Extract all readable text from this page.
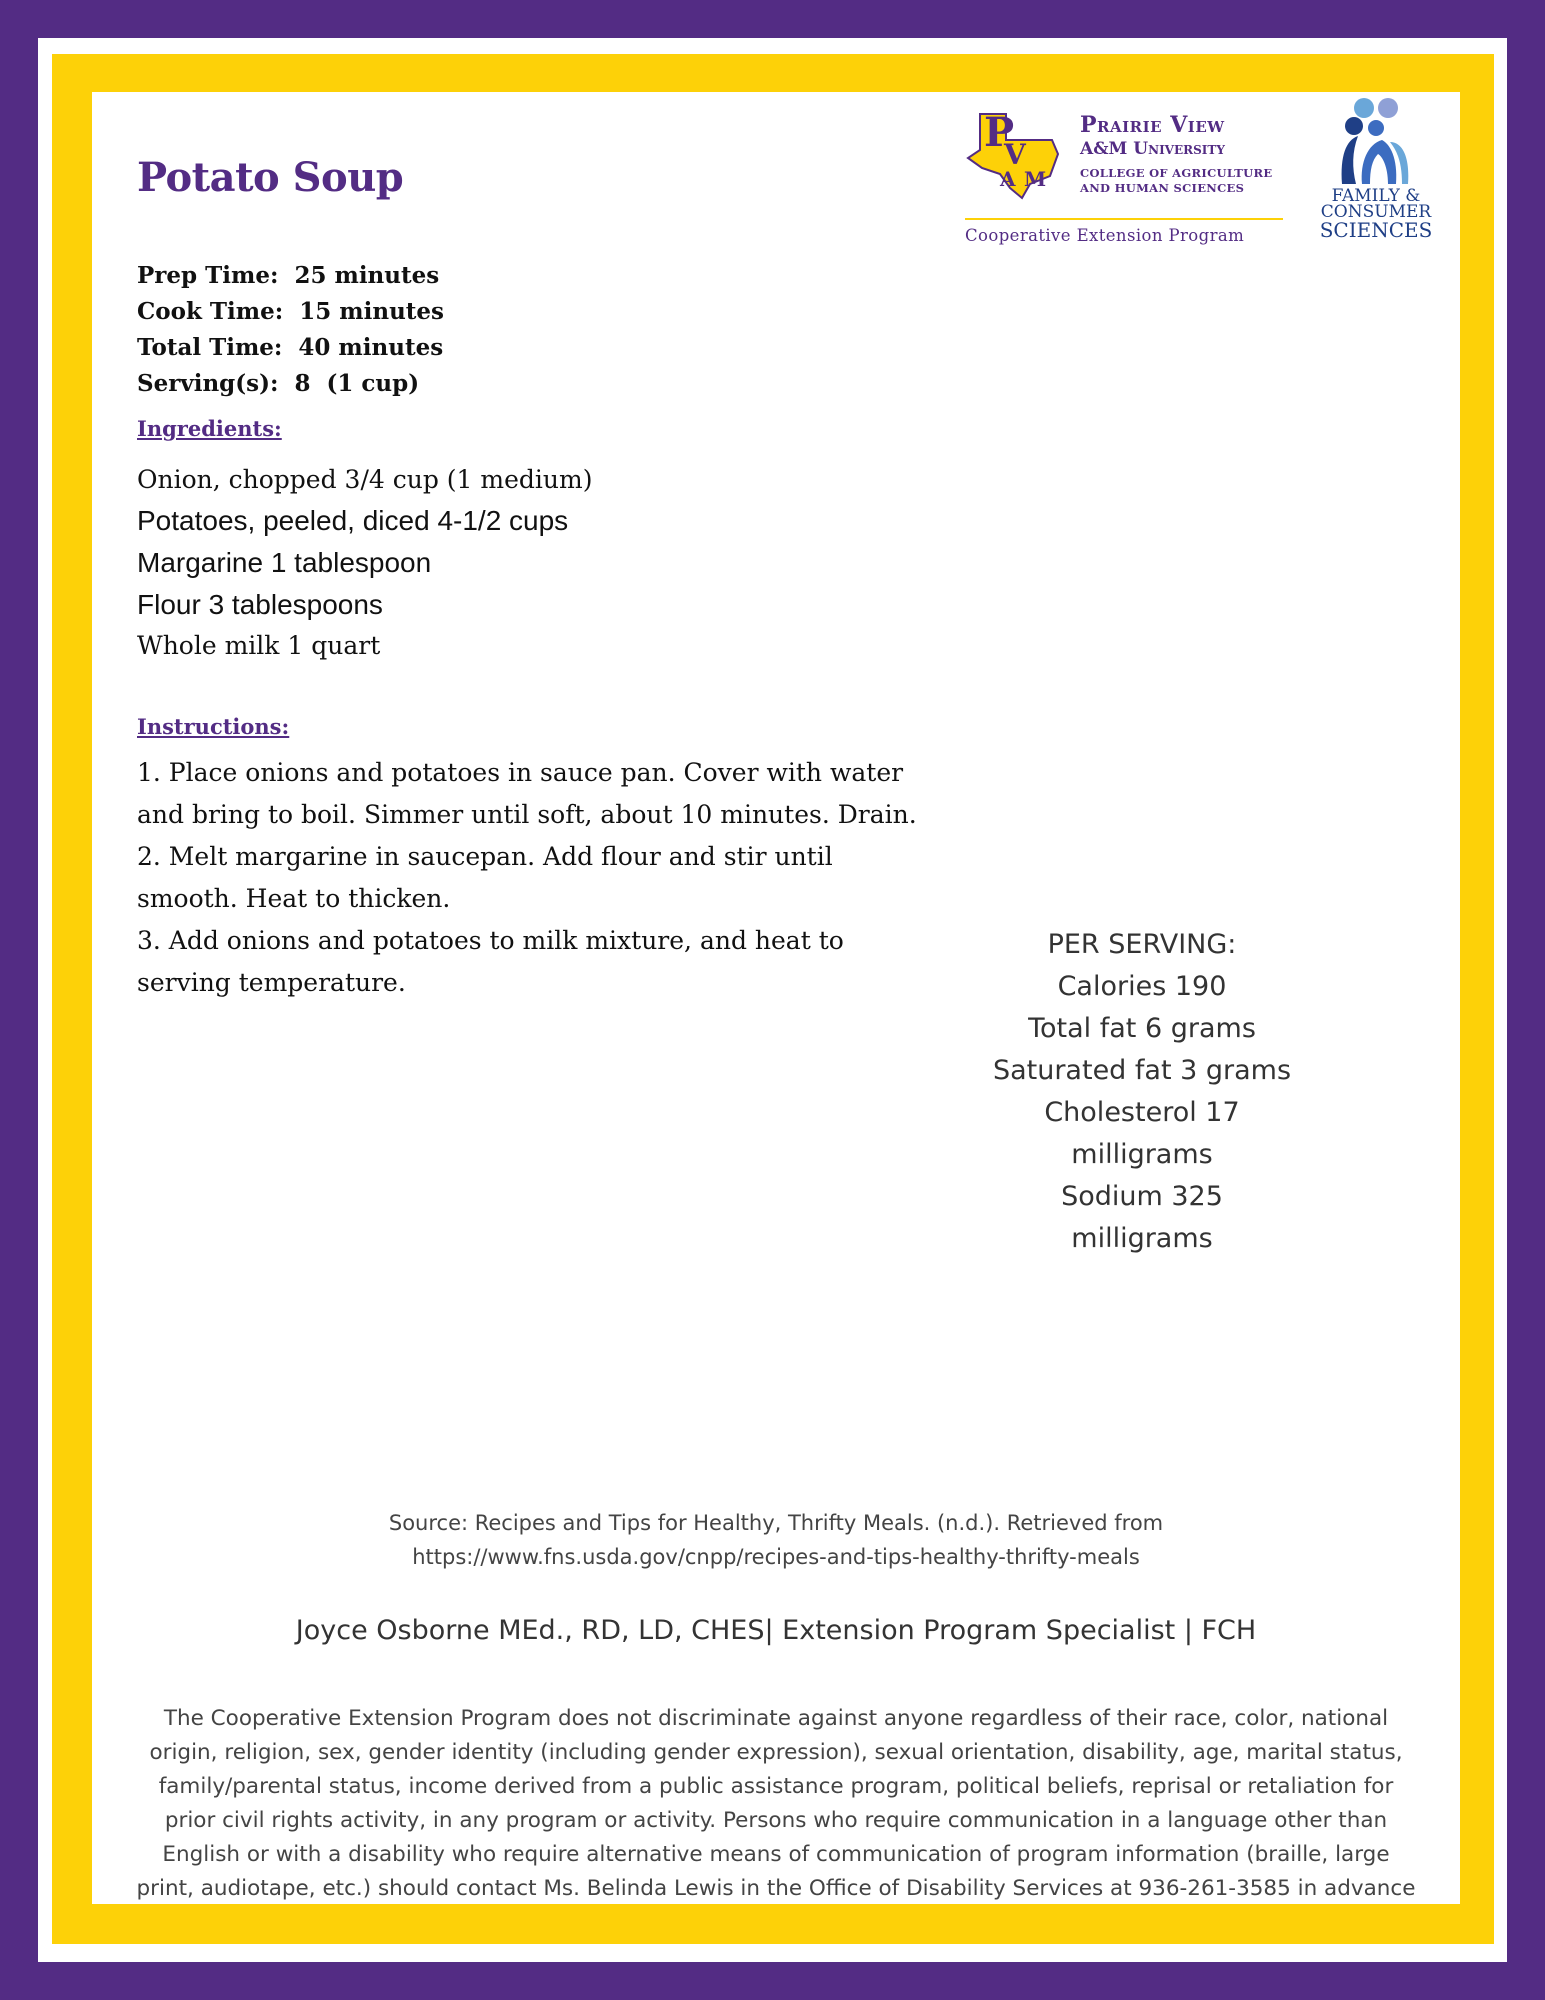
P
V
A M
Prairie View
A&M University
COLLEGE OF AGRICULTURE
AND HUMAN SCIENCES
Cooperative Extension Program
FAMILY &
CONSUMER
SCIENCES
Potato Soup
Prep Time: 25 minutes
Cook Time: 15 minutes
Total Time: 40 minutes
Serving(s): 8  (1 cup)
Ingredients:
Onion, chopped 3/4 cup (1 medium)
Potatoes, peeled, diced 4-1/2 cups
Margarine 1 tablespoon
Flour 3 tablespoons
Whole milk 1 quart
Instructions:

1. Place onions and potatoes in sauce pan. Cover with water and bring to boil. Simmer until soft, about 10 minutes. Drain.

2. Melt margarine in saucepan. Add flour and stir until smooth. Heat to thicken.

3. Add onions and potatoes to milk mixture, and heat to serving temperature.

PER SERVING:
Calories 190
Total fat 6 grams
Saturated fat 3 grams
Cholesterol 17 milligrams
Sodium 325 milligrams
Source: Recipes and Tips for Healthy, Thrifty Meals. (n.d.). Retrieved from
https://www.fns.usda.gov/cnpp/recipes-and-tips-healthy-thrifty-meals
Joyce Osborne MEd., RD, LD, CHES| Extension Program Specialist | FCH
The Cooperative Extension Program does not discriminate against anyone regardless of their race, color, national
origin, religion, sex, gender identity (including gender expression), sexual orientation, disability, age, marital status,
family/parental status, income derived from a public assistance program, political beliefs, reprisal or retaliation for
prior civil rights activity, in any program or activity. Persons who require communication in a language other than
English or with a disability who require alternative means of communication of program information (braille, large
print, audiotape, etc.) should contact Ms. Belinda Lewis in the Office of Disability Services at 936-261-3585 in advance
